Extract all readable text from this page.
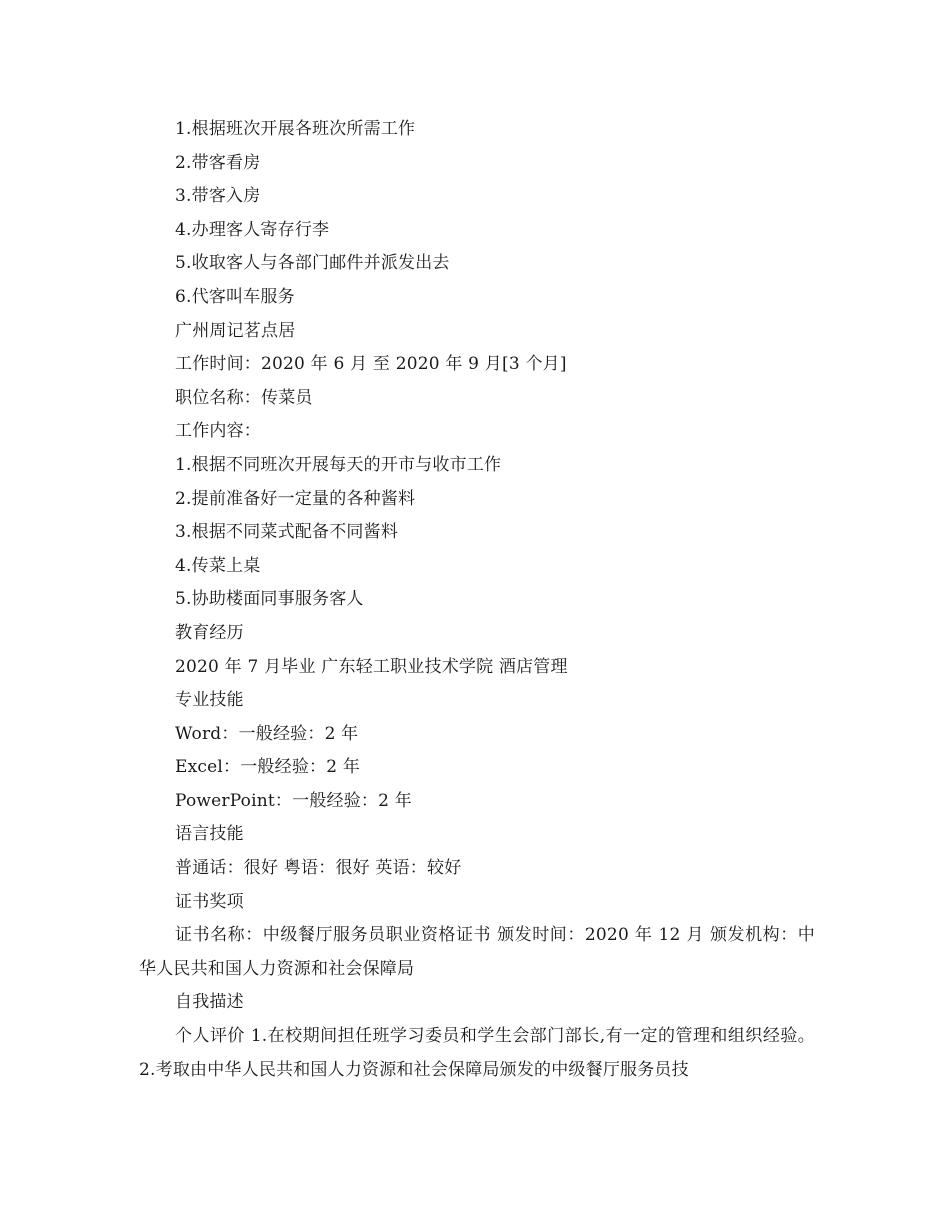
1.根据班次开展各班次所需工作
2.带客看房
3.带客入房
4.办理客人寄存行李
5.收取客人与各部门邮件并派发出去
6.代客叫车服务
广州周记茗点居
工作时间：2020 年 6 月 至 2020 年 9 月[3 个月]
职位名称：传菜员
工作内容：
1.根据不同班次开展每天的开市与收市工作
2.提前准备好一定量的各种酱料
3.根据不同菜式配备不同酱料
4.传菜上桌
5.协助楼面同事服务客人
教育经历
2020 年 7 月毕业 广东轻工职业技术学院 酒店管理
专业技能
Word：一般经验：2 年
Excel：一般经验：2 年
PowerPoint：一般经验：2 年
语言技能
普通话：很好 粤语：很好 英语：较好
证书奖项
证书名称：中级餐厅服务员职业资格证书 颁发时间：2020 年 12 月 颁发机构：中华人民共和国人力资源和社会保障局
自我描述
个人评价 1.在校期间担任班学习委员和学生会部门部长,有一定的管理和组织经验。 2.考取由中华人民共和国人力资源和社会保障局颁发的中级餐厅服务员技
